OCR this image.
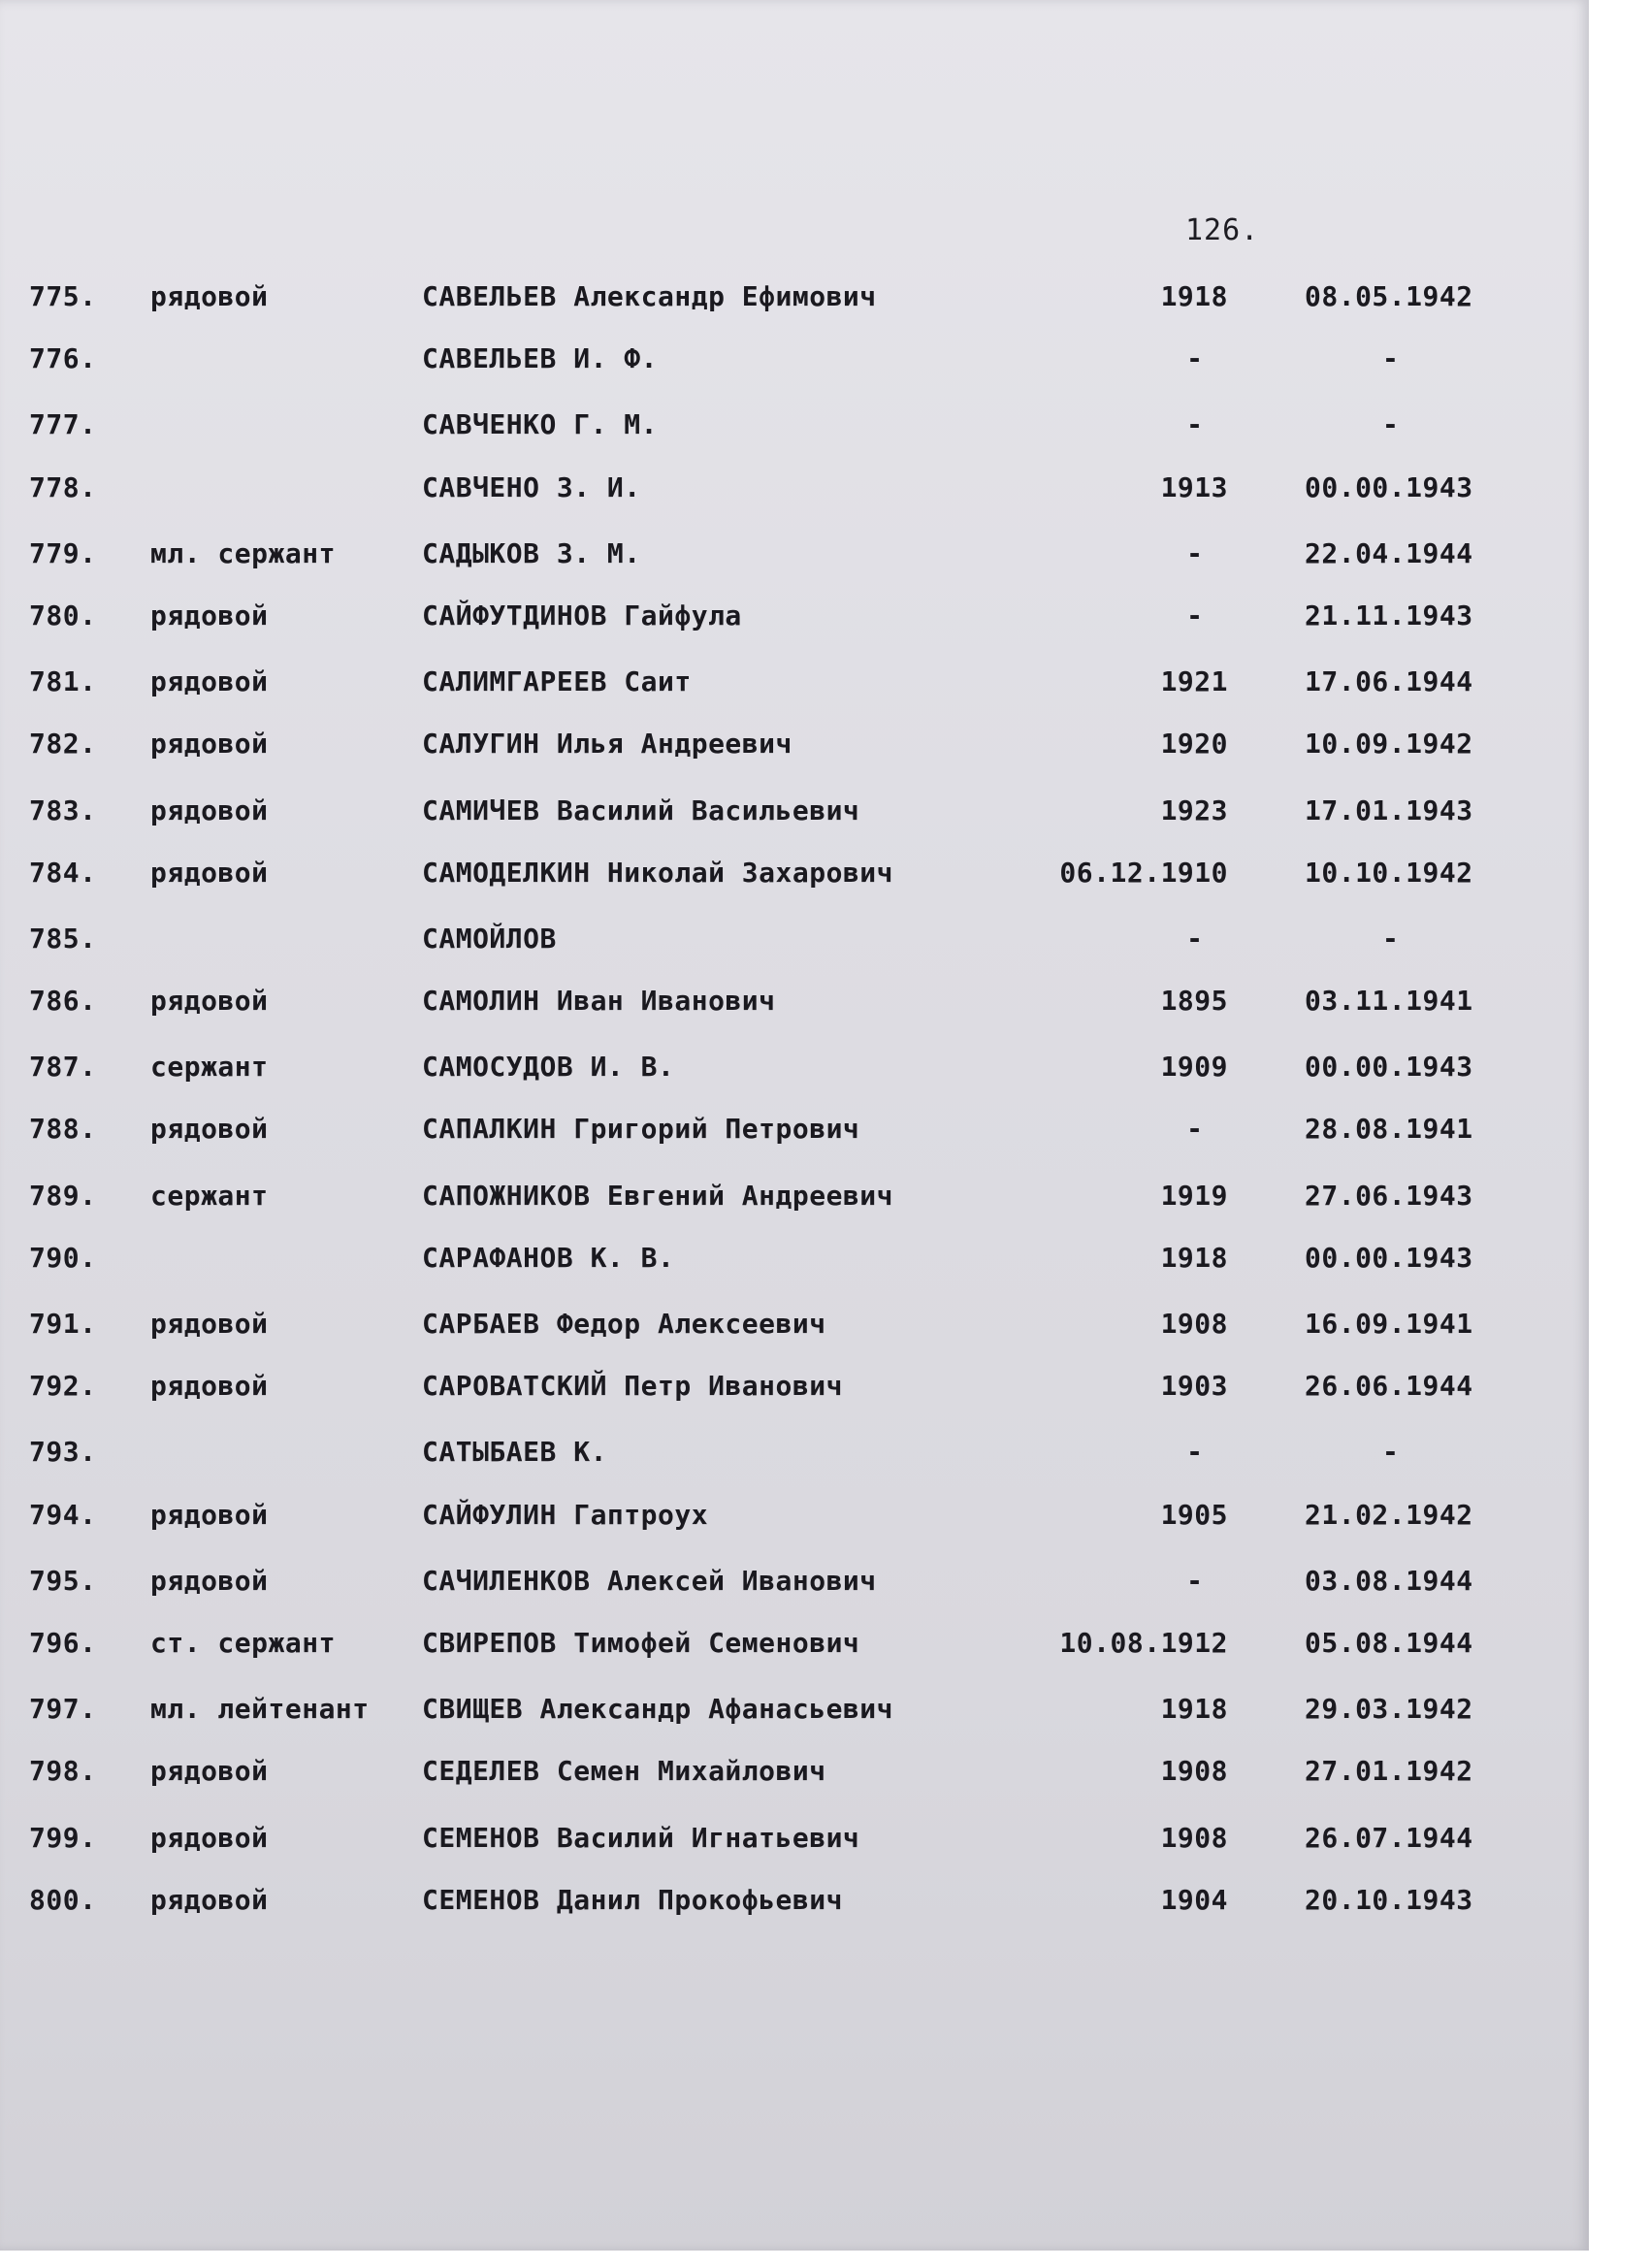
126.
775. рядовой	САВЕЛЬЕВ Александр Ефимович	1918	08.05.1942
776.	САВЕЛЬЕВ И. Ф.	-	-
777.	САВЧЕНКО Г. М.	-	-
778.	САВЧЕНО З. И.	1913	00.00.1943
779. мл. сержант	САДЫКОВ З. М.	-	22.04.1944
780. рядовой	САЙФУТДИНОВ Гайфула	-	21.11.1943
781. рядовой	САЛИМГАРЕЕВ Саит	1921	17.06.1944
782. рядовой	САЛУГИН Илья Андреевич	1920	10.09.1942
783. рядовой	САМИЧЕВ Василий Васильевич	1923	17.01.1943
784. рядовой	САМОДЕЛКИН Николай Захарович	06.12.1910	10.10.1942
785.	САМОЙЛОВ	-	-
786. рядовой	САМОЛИН Иван Иванович	1895	03.11.1941
787. сержант	САМОСУДОВ И. В.	1909	00.00.1943
788. рядовой	САПАЛКИН Григорий Петрович	-	28.08.1941
789. сержант	САПОЖНИКОВ Евгений Андреевич	1919	27.06.1943
790.	САРАФАНОВ К. В.	1918	00.00.1943
791. рядовой	САРБАЕВ Федор Алексеевич	1908	16.09.1941
792. рядовой	САРОВАТСКИЙ Петр Иванович	1903	26.06.1944
793.	САТЫБАЕВ К.	-	-
794. рядовой	САЙФУЛИН Гаптроух	1905	21.02.1942
795. рядовой	САЧИЛЕНКОВ Алексей Иванович	-	03.08.1944
796. ст. сержант	СВИРЕПОВ Тимофей Семенович	10.08.1912	05.08.1944
797. мл. лейтенант СВИЩЕВ Александр Афанасьевич	1918	29.03.1942
798. рядовой	СЕДЕЛЕВ Семен Михайлович	1908	27.01.1942
799. рядовой	СЕМЕНОВ Василий Игнатьевич	1908	26.07.1944
800. рядовой	СЕМЕНОВ Данил Прокофьевич	1904	20.10.1943
